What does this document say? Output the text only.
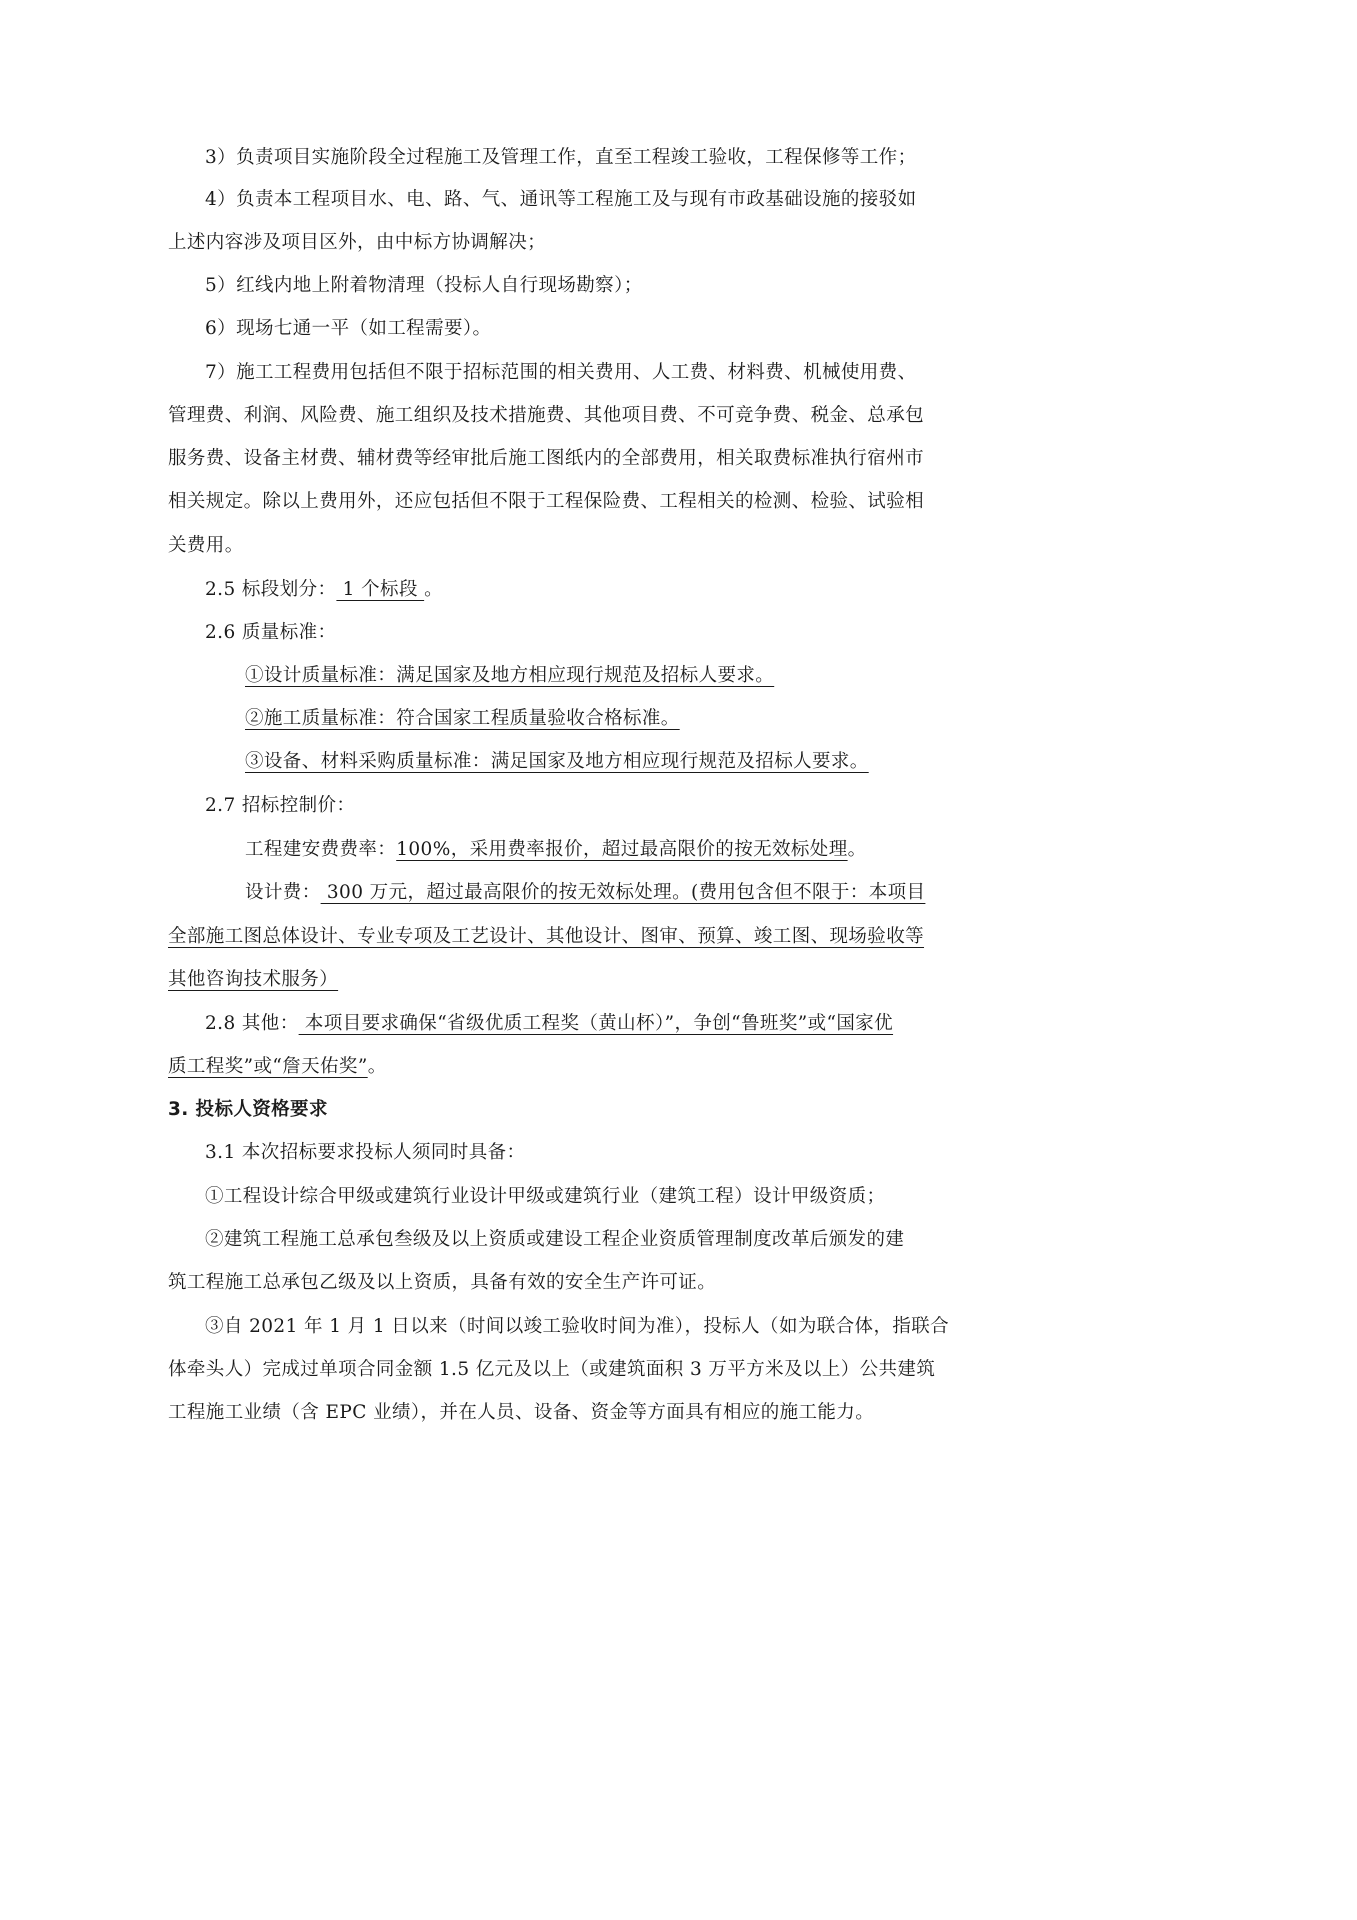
3）负责项目实施阶段全过程施工及管理工作，直至工程竣工验收，工程保修等工作；

4）负责本工程项目水、电、路、气、通讯等工程施工及与现有市政基础设施的接驳如

上述内容涉及项目区外，由中标方协调解决；

5）红线内地上附着物清理（投标人自行现场勘察）；

6）现场七通一平（如工程需要）。

7）施工工程费用包括但不限于招标范围的相关费用、人工费、材料费、机械使用费、

管理费、利润、风险费、施工组织及技术措施费、其他项目费、不可竞争费、税金、总承包

服务费、设备主材费、辅材费等经审批后施工图纸内的全部费用，相关取费标准执行宿州市

相关规定。除以上费用外，还应包括但不限于工程保险费、工程相关的检测、检验、试验相

关费用。

2.5 标段划分： 1 个标段 。

2.6 质量标准：

①设计质量标准：满足国家及地方相应现行规范及招标人要求。

②施工质量标准：符合国家工程质量验收合格标准。

③设备、材料采购质量标准：满足国家及地方相应现行规范及招标人要求。

2.7 招标控制价：

工程建安费费率：100%，采用费率报价，超过最高限价的按无效标处理。

设计费： 300 万元，超过最高限价的按无效标处理。(费用包含但不限于：本项目

全部施工图总体设计、专业专项及工艺设计、其他设计、图审、预算、竣工图、现场验收等

其他咨询技术服务）

2.8 其他： 本项目要求确保“省级优质工程奖（黄山杯）”，争创“鲁班奖”或“国家优

质工程奖”或“詹天佑奖”。

3. 投标人资格要求

3.1 本次招标要求投标人须同时具备：

①工程设计综合甲级或建筑行业设计甲级或建筑行业（建筑工程）设计甲级资质；

②建筑工程施工总承包叁级及以上资质或建设工程企业资质管理制度改革后颁发的建

筑工程施工总承包乙级及以上资质，具备有效的安全生产许可证。

③自 2021 年 1 月 1 日以来（时间以竣工验收时间为准），投标人（如为联合体，指联合

体牵头人）完成过单项合同金额 1.5 亿元及以上（或建筑面积 3 万平方米及以上）公共建筑

工程施工业绩（含 EPC 业绩），并在人员、设备、资金等方面具有相应的施工能力。
